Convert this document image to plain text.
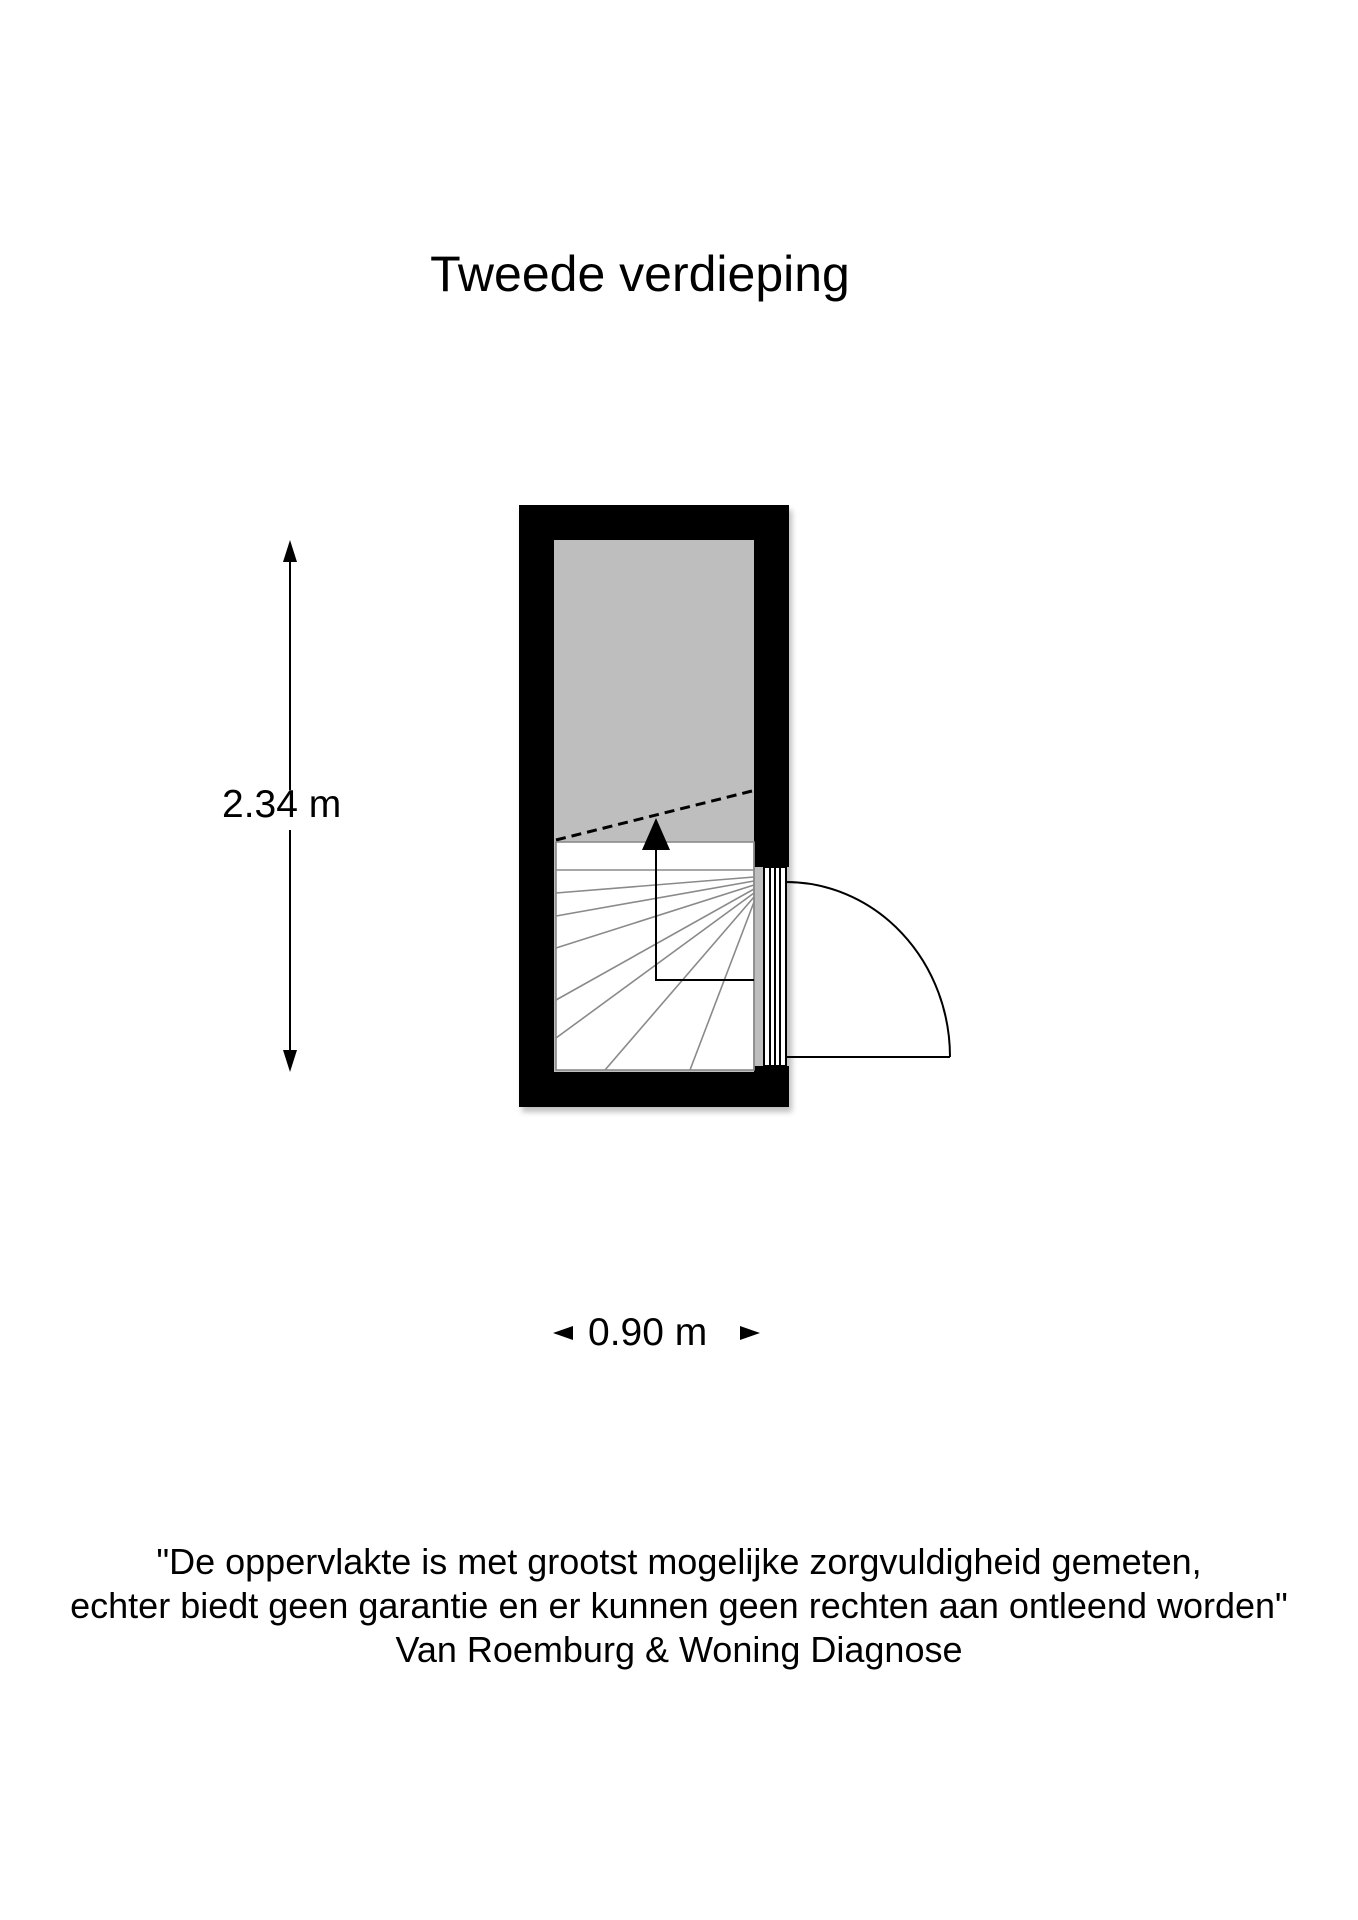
Tweede verdieping
2.34 m
0.90 m
"De oppervlakte is met grootst mogelijke zorgvuldigheid gemeten,
echter biedt geen garantie en er kunnen geen rechten aan ontleend worden"
Van Roemburg & Woning Diagnose
